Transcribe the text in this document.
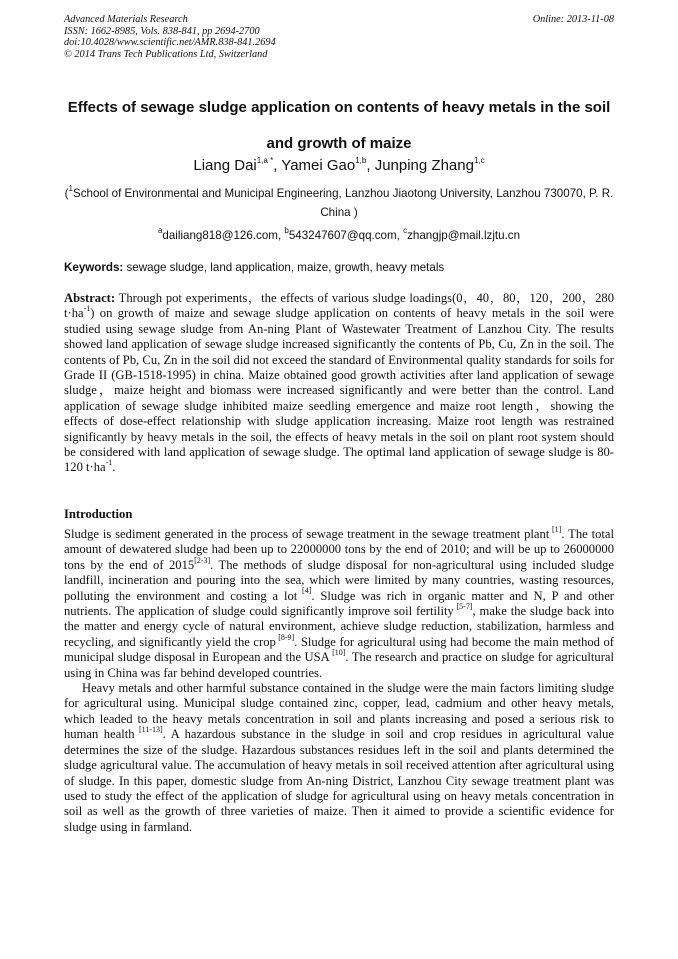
Advanced Materials Research
ISSN: 1662-8985, Vols. 838-841, pp 2694-2700
doi:10.4028/www.scientific.net/AMR.838-841.2694
© 2014 Trans Tech Publications Ltd, Switzerland
Online: 2013-11-08
Effects of sewage sludge application on contents of heavy metals in the soil and growth of maize
Liang Dai$^{1,a *}$, Yamei Gao$^{1,b}$, Junping Zhang$^{1,c}$
($^1$School of Environmental and Municipal Engineering, Lanzhou Jiaotong University, Lanzhou 730070, P. R. China )
$^a$dailiang818@126.com, $^b$543247607@qq.com, $^c$zhangjp@mail.lzjtu.cn
Keywords: sewage sludge, land application, maize, growth, heavy metals
Abstract: Through pot experiments，the effects of various sludge loadings(0，40，80，120，200，280 $t\cdot ha^{-1}$) on growth of maize and sewage sludge application on contents of heavy metals in the soil were studied using sewage sludge from An-ning Plant of Wastewater Treatment of Lanzhou City. The results showed land application of sewage sludge increased significantly the contents of Pb, Cu, Zn in the soil. The contents of Pb, Cu, Zn in the soil did not exceed the standard of Environmental quality standards for soils for Grade II (GB-1518-1995) in china. Maize obtained good growth activities after land application of sewage sludge，maize height and biomass were increased significantly and were better than the control. Land application of sewage sludge inhibited maize seedling emergence and maize root length，showing the effects of dose-effect relationship with sludge application increasing. Maize root length was restrained significantly by heavy metals in the soil, the effects of heavy metals in the soil on plant root system should be considered with land application of sewage sludge. The optimal land application of sewage sludge is 80-120 $t\cdot ha^{-1}$.
Introduction

Sludge is sediment generated in the process of sewage treatment in the sewage treatment plant [1]. The total amount of dewatered sludge had been up to 22000000 tons by the end of 2010; and will be up to 26000000 tons by the end of 2015[2-3]. The methods of sludge disposal for non-agricultural using included sludge landfill, incineration and pouring into the sea, which were limited by many countries, wasting resources, polluting the environment and costing a lot [4]. Sludge was rich in organic matter and N, P and other nutrients. The application of sludge could significantly improve soil fertility [5-7], make the sludge back into the matter and energy cycle of natural environment, achieve sludge reduction, stabilization, harmless and recycling, and significantly yield the crop [8-9]. Sludge for agricultural using had become the main method of municipal sludge disposal in European and the USA [10]. The research and practice on sludge for agricultural using in China was far behind developed countries.

Heavy metals and other harmful substance contained in the sludge were the main factors limiting sludge for agricultural using. Municipal sludge contained zinc, copper, lead, cadmium and other heavy metals, which leaded to the heavy metals concentration in soil and plants increasing and posed a serious risk to human health [11-13]. A hazardous substance in the sludge in soil and crop residues in agricultural value determines the size of the sludge. Hazardous substances residues left in the soil and plants determined the sludge agricultural value. The accumulation of heavy metals in soil received attention after agricultural using of sludge. In this paper, domestic sludge from An-ning District, Lanzhou City sewage treatment plant was used to study the effect of the application of sludge for agricultural using on heavy metals concentration in soil as well as the growth of three varieties of maize. Then it aimed to provide a scientific evidence for sludge using in farmland.
